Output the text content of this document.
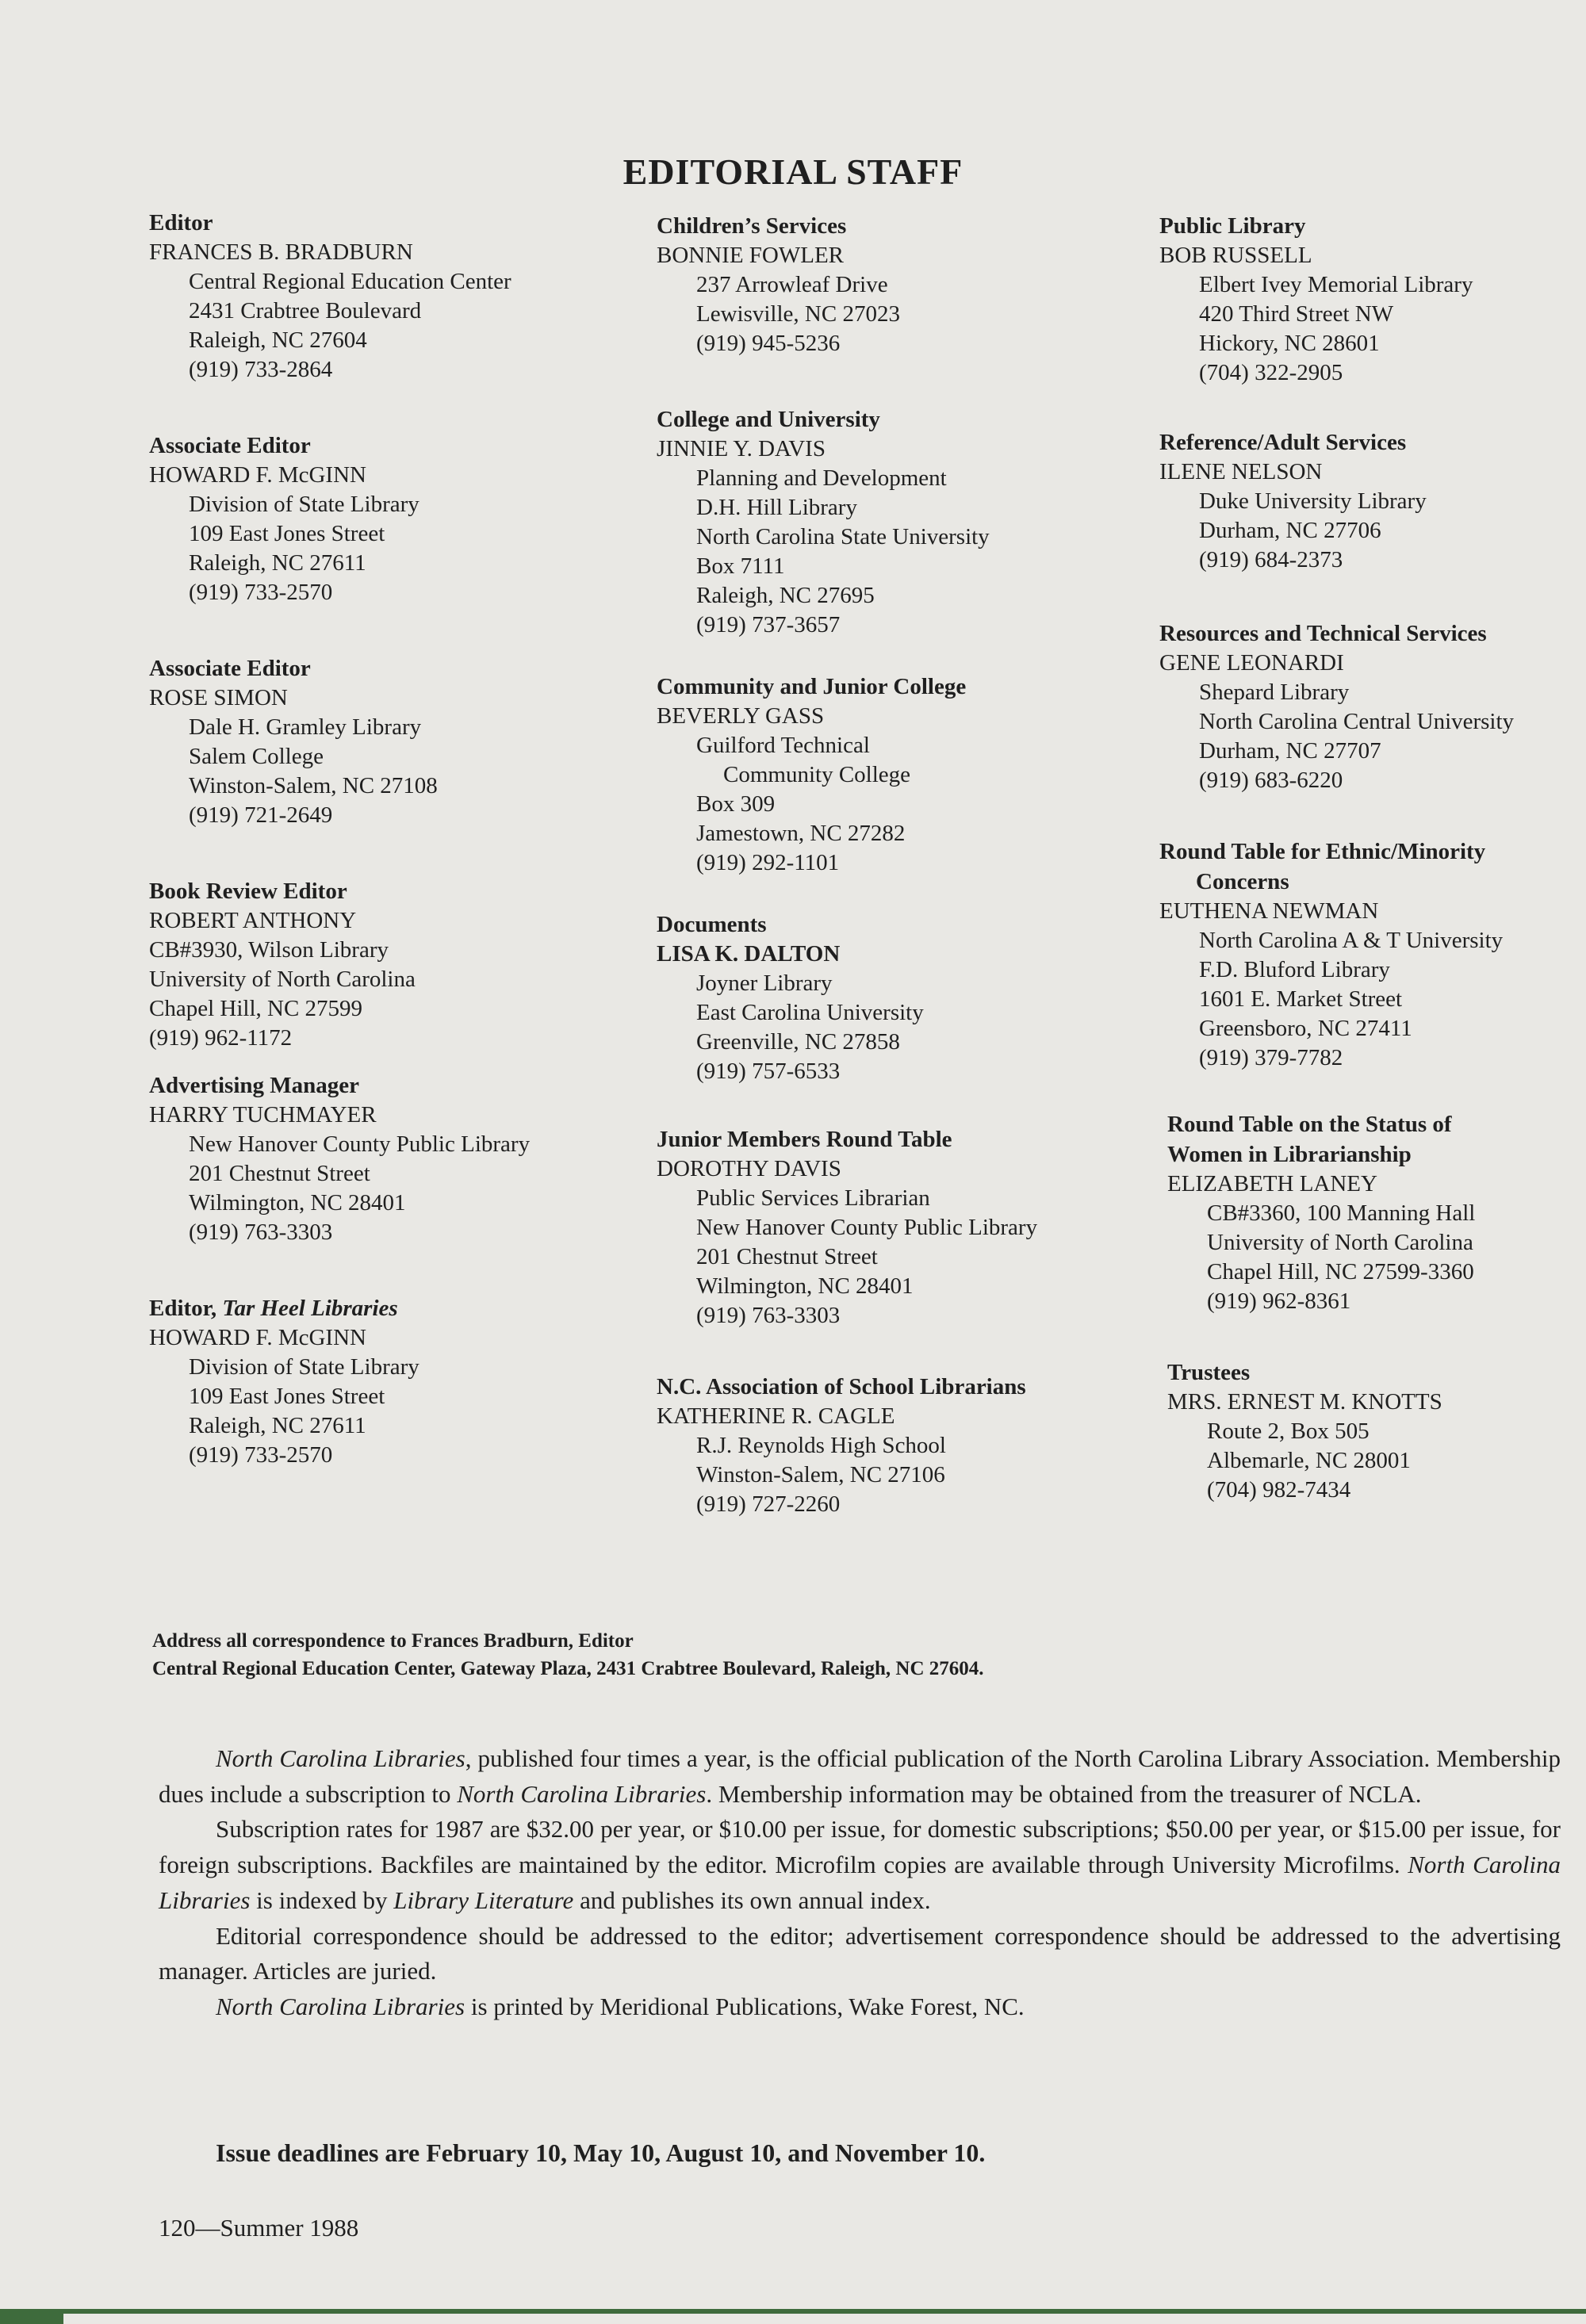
EDITORIAL STAFF
Editor
FRANCES B. BRADBURN
Central Regional Education Center
2431 Crabtree Boulevard
Raleigh, NC 27604
(919) 733-2864
Associate Editor
HOWARD F. McGINN
Division of State Library
109 East Jones Street
Raleigh, NC 27611
(919) 733-2570
Associate Editor
ROSE SIMON
Dale H. Gramley Library
Salem College
Winston-Salem, NC 27108
(919) 721-2649
Book Review Editor
ROBERT ANTHONY
CB#3930, Wilson Library
University of North Carolina
Chapel Hill, NC 27599
(919) 962-1172
Advertising Manager
HARRY TUCHMAYER
New Hanover County Public Library
201 Chestnut Street
Wilmington, NC 28401
(919) 763-3303
Editor, Tar Heel Libraries
HOWARD F. McGINN
Division of State Library
109 East Jones Street
Raleigh, NC 27611
(919) 733-2570
Children’s Services
BONNIE FOWLER
237 Arrowleaf Drive
Lewisville, NC 27023
(919) 945-5236
College and University
JINNIE Y. DAVIS
Planning and Development
D.H. Hill Library
North Carolina State University
Box 7111
Raleigh, NC 27695
(919) 737-3657
Community and Junior College
BEVERLY GASS
Guilford Technical
Community College
Box 309
Jamestown, NC 27282
(919) 292-1101
Documents
LISA K. DALTON
Joyner Library
East Carolina University
Greenville, NC 27858
(919) 757-6533
Junior Members Round Table
DOROTHY DAVIS
Public Services Librarian
New Hanover County Public Library
201 Chestnut Street
Wilmington, NC 28401
(919) 763-3303
N.C. Association of School Librarians
KATHERINE R. CAGLE
R.J. Reynolds High School
Winston-Salem, NC 27106
(919) 727-2260
Public Library
BOB RUSSELL
Elbert Ivey Memorial Library
420 Third Street NW
Hickory, NC 28601
(704) 322-2905
Reference/Adult Services
ILENE NELSON
Duke University Library
Durham, NC 27706
(919) 684-2373
Resources and Technical Services
GENE LEONARDI
Shepard Library
North Carolina Central University
Durham, NC 27707
(919) 683-6220
Round Table for Ethnic/Minority
Concerns
EUTHENA NEWMAN
North Carolina A & T University
F.D. Bluford Library
1601 E. Market Street
Greensboro, NC 27411
(919) 379-7782
Round Table on the Status of
Women in Librarianship
ELIZABETH LANEY
CB#3360, 100 Manning Hall
University of North Carolina
Chapel Hill, NC 27599-3360
(919) 962-8361
Trustees
MRS. ERNEST M. KNOTTS
Route 2, Box 505
Albemarle, NC 28001
(704) 982-7434
Address all correspondence to Frances Bradburn, Editor
Central Regional Education Center, Gateway Plaza, 2431 Crabtree Boulevard, Raleigh, NC 27604.

North Carolina Libraries, published four times a year, is the official publication of the North Carolina Library Association. Membership dues include a subscription to North Carolina Libraries. Membership information may be obtained from the treasurer of NCLA.

Subscription rates for 1987 are $32.00 per year, or $10.00 per issue, for domestic subscriptions; $50.00 per year, or $15.00 per issue, for foreign subscriptions. Backfiles are maintained by the editor. Microfilm copies are available through University Microfilms. North Carolina Libraries is indexed by Library Literature and publishes its own annual index.

Editorial correspondence should be addressed to the editor; advertisement correspondence should be addressed to the advertising manager. Articles are juried.

North Carolina Libraries is printed by Meridional Publications, Wake Forest, NC.

Issue deadlines are February 10, May 10, August 10, and November 10.
120—Summer 1988
